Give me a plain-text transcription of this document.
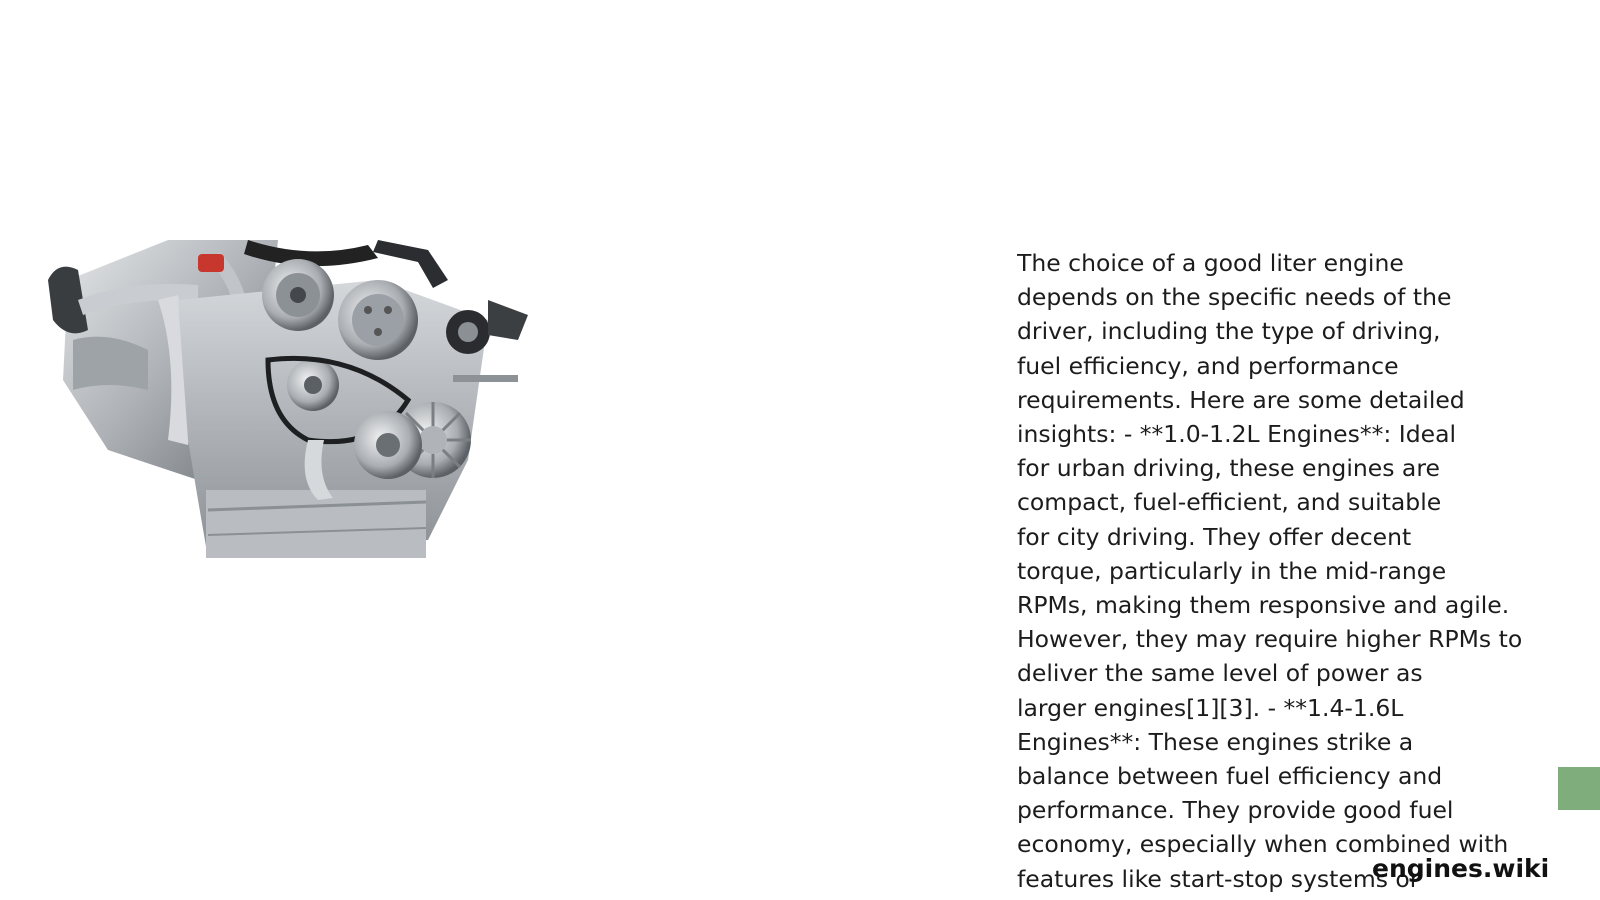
The choice of a good liter engine
depends on the specific needs of the
driver, including the type of driving,
fuel efficiency, and performance
requirements. Here are some detailed
insights: - **1.0-1.2L Engines**: Ideal
for urban driving, these engines are
compact, fuel-efficient, and suitable
for city driving. They offer decent
torque, particularly in the mid-range
RPMs, making them responsive and agile.
However, they may require higher RPMs to
deliver the same level of power as
larger engines[1][3]. - **1.4-1.6L
Engines**: These engines strike a
balance between fuel efficiency and
performance. They provide good fuel
economy, especially when combined with
features like start-stop systems or

engines.wiki
